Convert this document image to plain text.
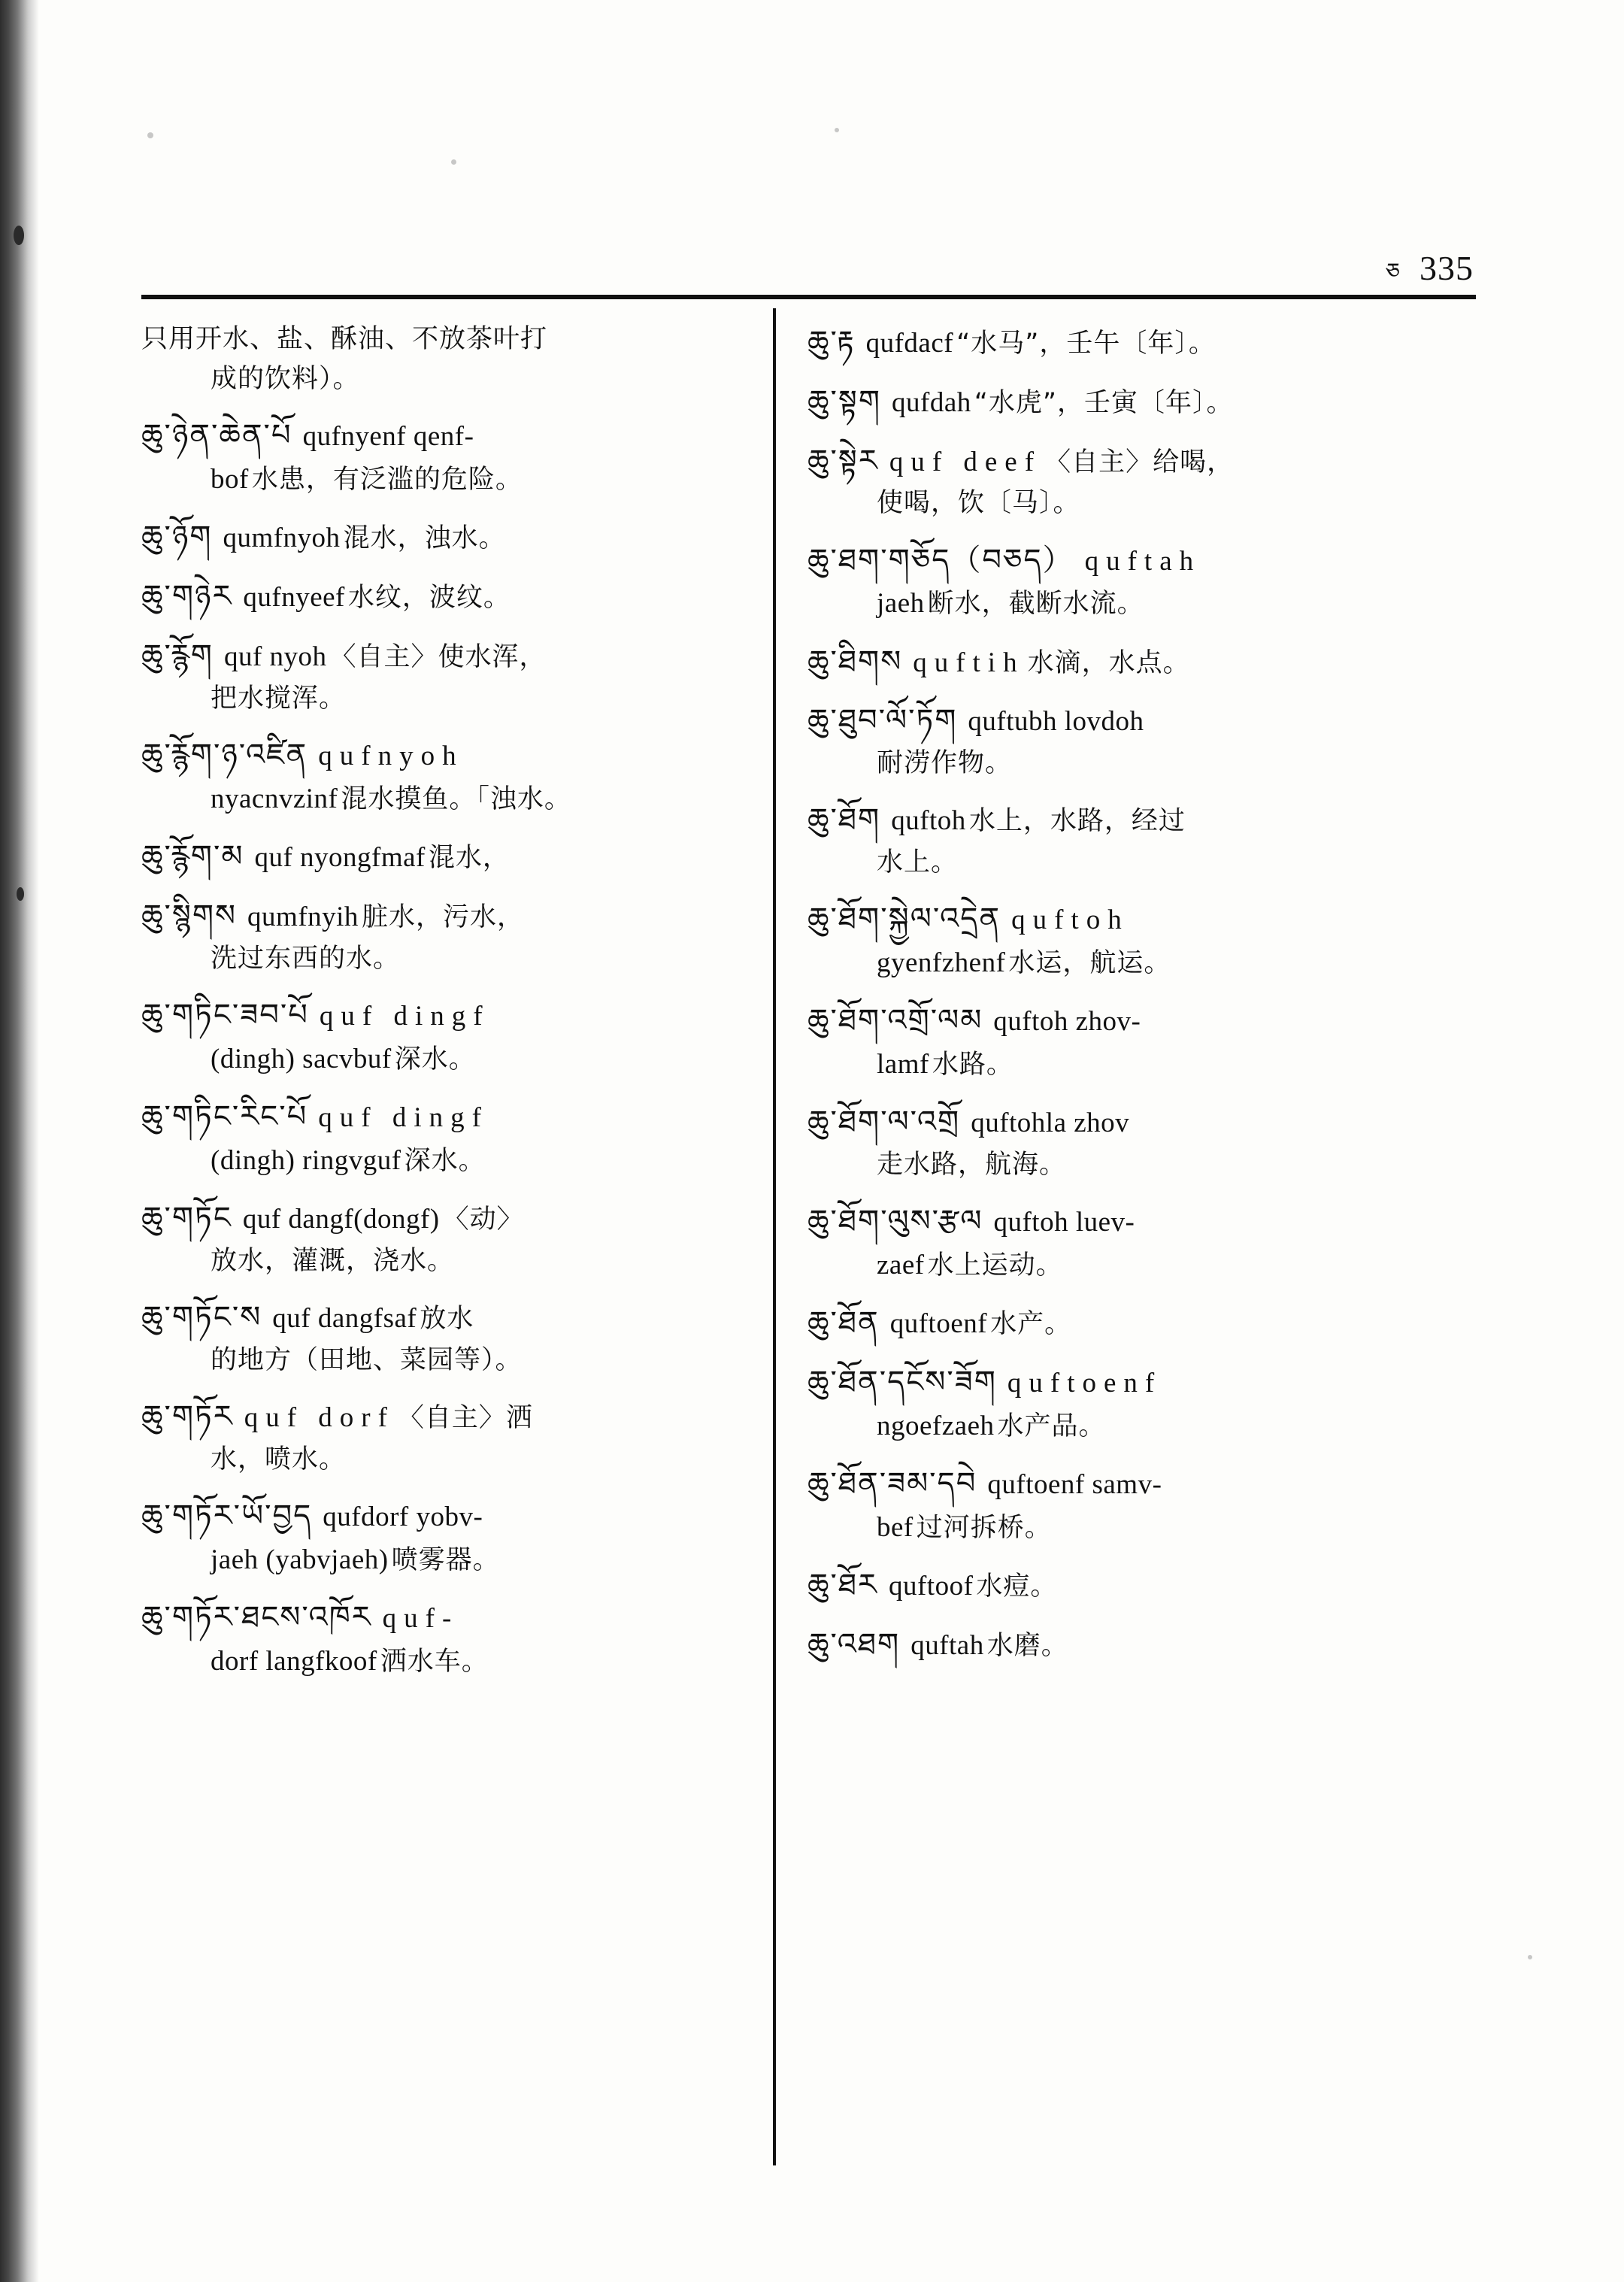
ཅ 335
只用开水、盐、酥油、不放茶叶打
成的饮料）。
ཆུ་ཉེན་ཆེན་པོ qufnyenf qenf-
bof 水患，有泛滥的危险。
ཆུ་ཉོག qumfnyoh 混水，浊水。
ཆུ་གཉེར qufnyeef 水纹，波纹。
ཆུ་རྙོག quf nyoh 〈自主〉使水浑，
把水搅浑。
ཆུ་རྙོག་ཉ་འཛིན qufnyoh
nyacnvzinf 混水摸鱼。「浊水。
ཆུ་རྙོག་མ quf nyongfmaf 混水，
ཆུ་སྙིགས qumfnyih 脏水，污水，
洗过东西的水。
ཆུ་གཏིང་ཟབ་པོ quf dingf
(dingh) sacvbuf 深水。
ཆུ་གཏིང་རིང་པོ quf dingf
(dingh) ringvguf 深水。
ཆུ་གཏོང quf dangf(dongf) 〈动〉
放水，灌溉，浇水。
ཆུ་གཏོང་ས quf dangfsaf 放水
的地方（田地、菜园等）。
ཆུ་གཏོར quf dorf 〈自主〉洒
水，喷水。
ཆུ་གཏོར་ཡོ་བྱད qufdorf yobv-
jaeh (yabvjaeh) 喷雾器。
ཆུ་གཏོར་ཐངས་འཁོར quf-
dorf langfkoof 洒水车。
ཆུ་རྟ qufdacf “水马”，壬午〔年〕。
ཆུ་སྟག qufdah “水虎”，壬寅〔年〕。
ཆུ་སྟེར quf deef 〈自主〉给喝，
使喝，饮〔马〕。
ཆུ་ཐག་གཅོད（བཅད） quftah
jaeh 断水，截断水流。
ཆུ་ཐིགས quftih 水滴，水点。
ཆུ་ཐུབ་ལོ་ཏོག quftubh lovdoh
耐涝作物。
ཆུ་ཐོག quftoh 水上，水路，经过
水上。
ཆུ་ཐོག་སྐྱེལ་འདྲེན quftoh
gyenfzhenf 水运，航运。
ཆུ་ཐོག་འགྲོ་ལམ quftoh zhov-
lamf 水路。
ཆུ་ཐོག་ལ་འགྲོ quftohla zhov
走水路，航海。
ཆུ་ཐོག་ལུས་རྩལ quftoh luev-
zaef 水上运动。
ཆུ་ཐོན quftoenf 水产。
ཆུ་ཐོན་དངོས་ཟོག quftoenf
ngoefzaeh 水产品。
ཆུ་ཐོན་ཟམ་དབེ quftoenf samv-
bef 过河拆桥。
ཆུ་ཐོར quftoof 水痘。
ཆུ་འཐག quftah 水磨。
